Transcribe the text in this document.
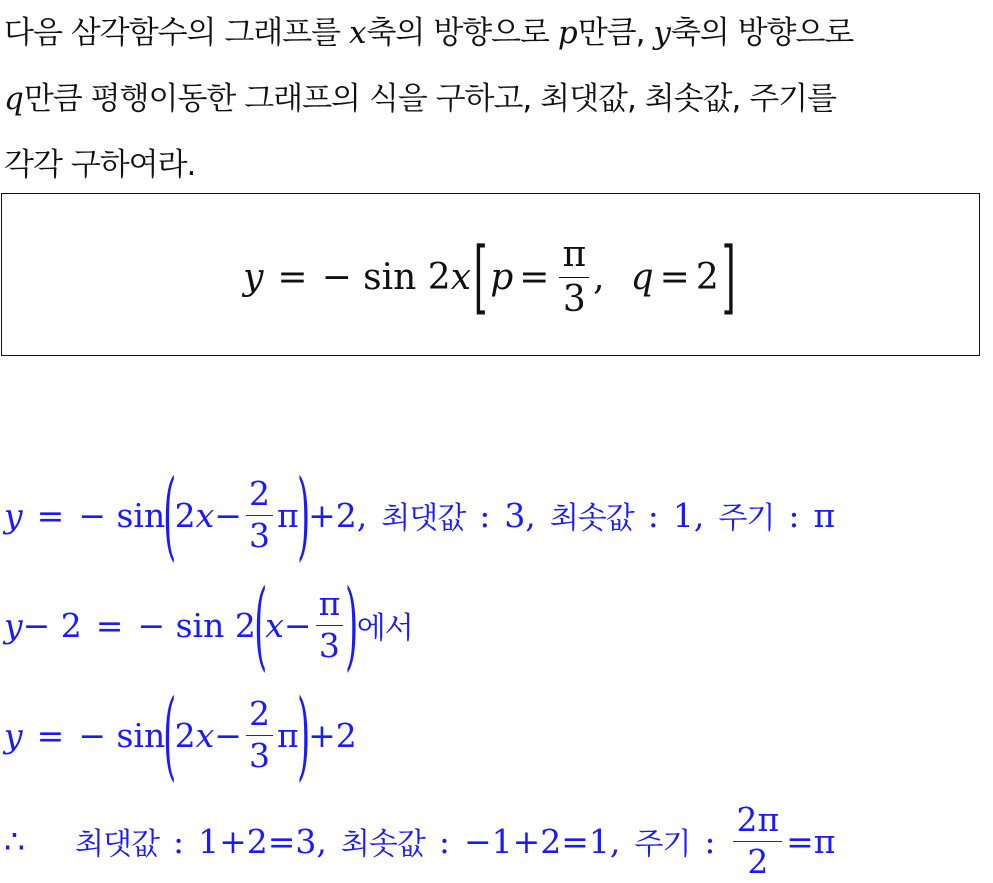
다음 삼각함수의 그래프를 x축의 방향으로 p만큼, y축의 방향으로
q만큼 평행이동한 그래프의 식을 구하고, 최댓값, 최솟값, 주기를
각각 구하여라.
y = − sin 2 x [ $p = \frac{\pi}{3}$ , q = 2 ]
y = − sin
(
2 $x - \frac{2}{3}$ π
)
+2, 최댓값 : 3, 최솟값 : 1, 주기 : π
y − 2 = − sin 2
(
$x - \frac{\pi}{3}$ )
에서
y = − sin
(
2 $x - \frac{2}{3}$ π
)
+2
∴ 최댓값 : 1+2=3, 최솟값 : −1+2=1, 주기 : $\frac{2\pi}{2} =\pi$
